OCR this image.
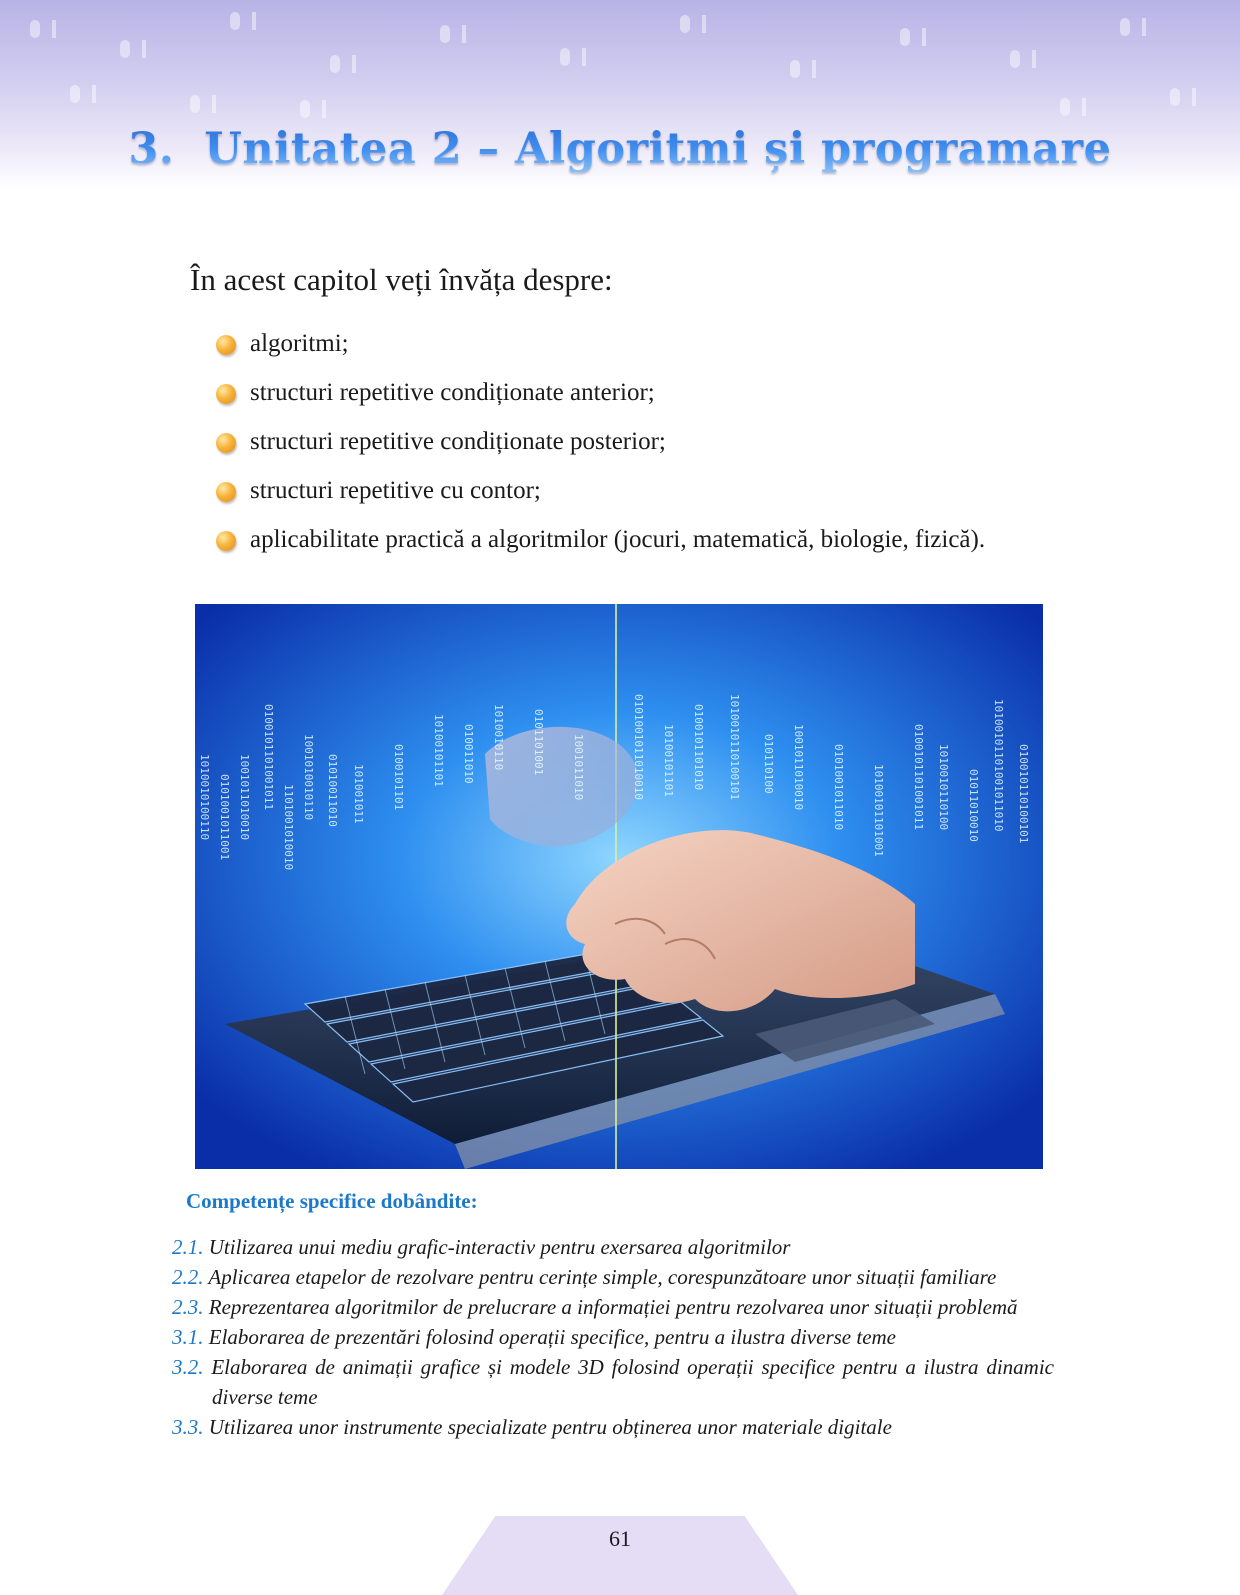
3. Unitatea 2 – Algoritmi și programare

În acest capitol veți învăța despre:

algoritmi;
structuri repetitive condiționate anterior;
structuri repetitive condiționate posterior;
structuri repetitive cu contor;
aplicabilitate practică a algoritmilor (jocuri, matematică, biologie, fizică).
1010010100110 0101001011001 1001011010010 0100101101001011
1101001010010
1001010010110 01010011010 101001011 0100101101 10100101101 010011010 1010010110 0101101001 1001011010	0101001011010010 10100101101 0100101101010 1010010110100101 010110100 1001011010010 0101001011010 10100101101001 0100101101001011 1010010110100 01011010010 10100101101001011010 010010110100101
Competențe specifice dobândite:

2.1. Utilizarea unui mediu grafic-interactiv pentru exersarea algoritmilor

2.2. Aplicarea etapelor de rezolvare pentru cerințe simple, corespunzătoare unor situații familiare

2.3. Reprezentarea algoritmilor de prelucrare a informației pentru rezolvarea unor situații problemă

3.1. Elaborarea de prezentări folosind operații specifice, pentru a ilustra diverse teme

3.2. Elaborarea de animații grafice și modele 3D folosind operații specifice pentru a ilustra dinamic diverse teme

3.3. Utilizarea unor instrumente specializate pentru obținerea unor materiale digitale

61
